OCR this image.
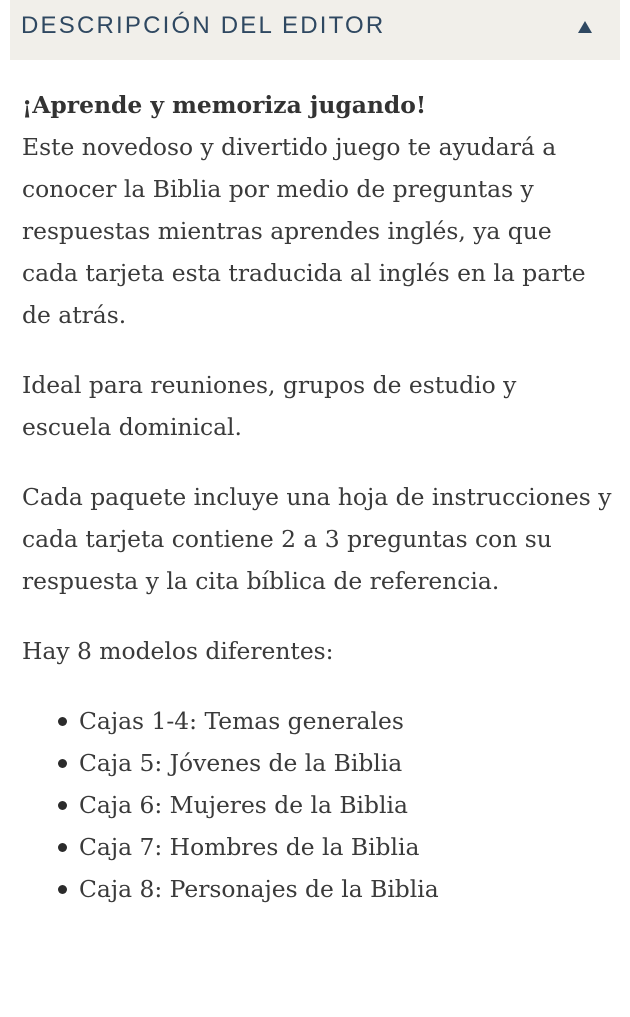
DESCRIPCIÓN DEL EDITOR

¡Aprende y memoriza jugando!
Este novedoso y divertido juego te ayudará a conocer la Biblia por medio de preguntas y respuestas mientras aprendes inglés, ya que cada tarjeta esta traducida al inglés en la parte de atrás.

Ideal para reuniones, grupos de estudio y escuela dominical.

Cada paquete incluye una hoja de instrucciones y cada tarjeta contiene 2 a 3 preguntas con su respuesta y la cita bíblica de referencia.

Hay 8 modelos diferentes:

Cajas 1-4: Temas generales
Caja 5: Jóvenes de la Biblia
Caja 6: Mujeres de la Biblia
Caja 7: Hombres de la Biblia
Caja 8: Personajes de la Biblia
